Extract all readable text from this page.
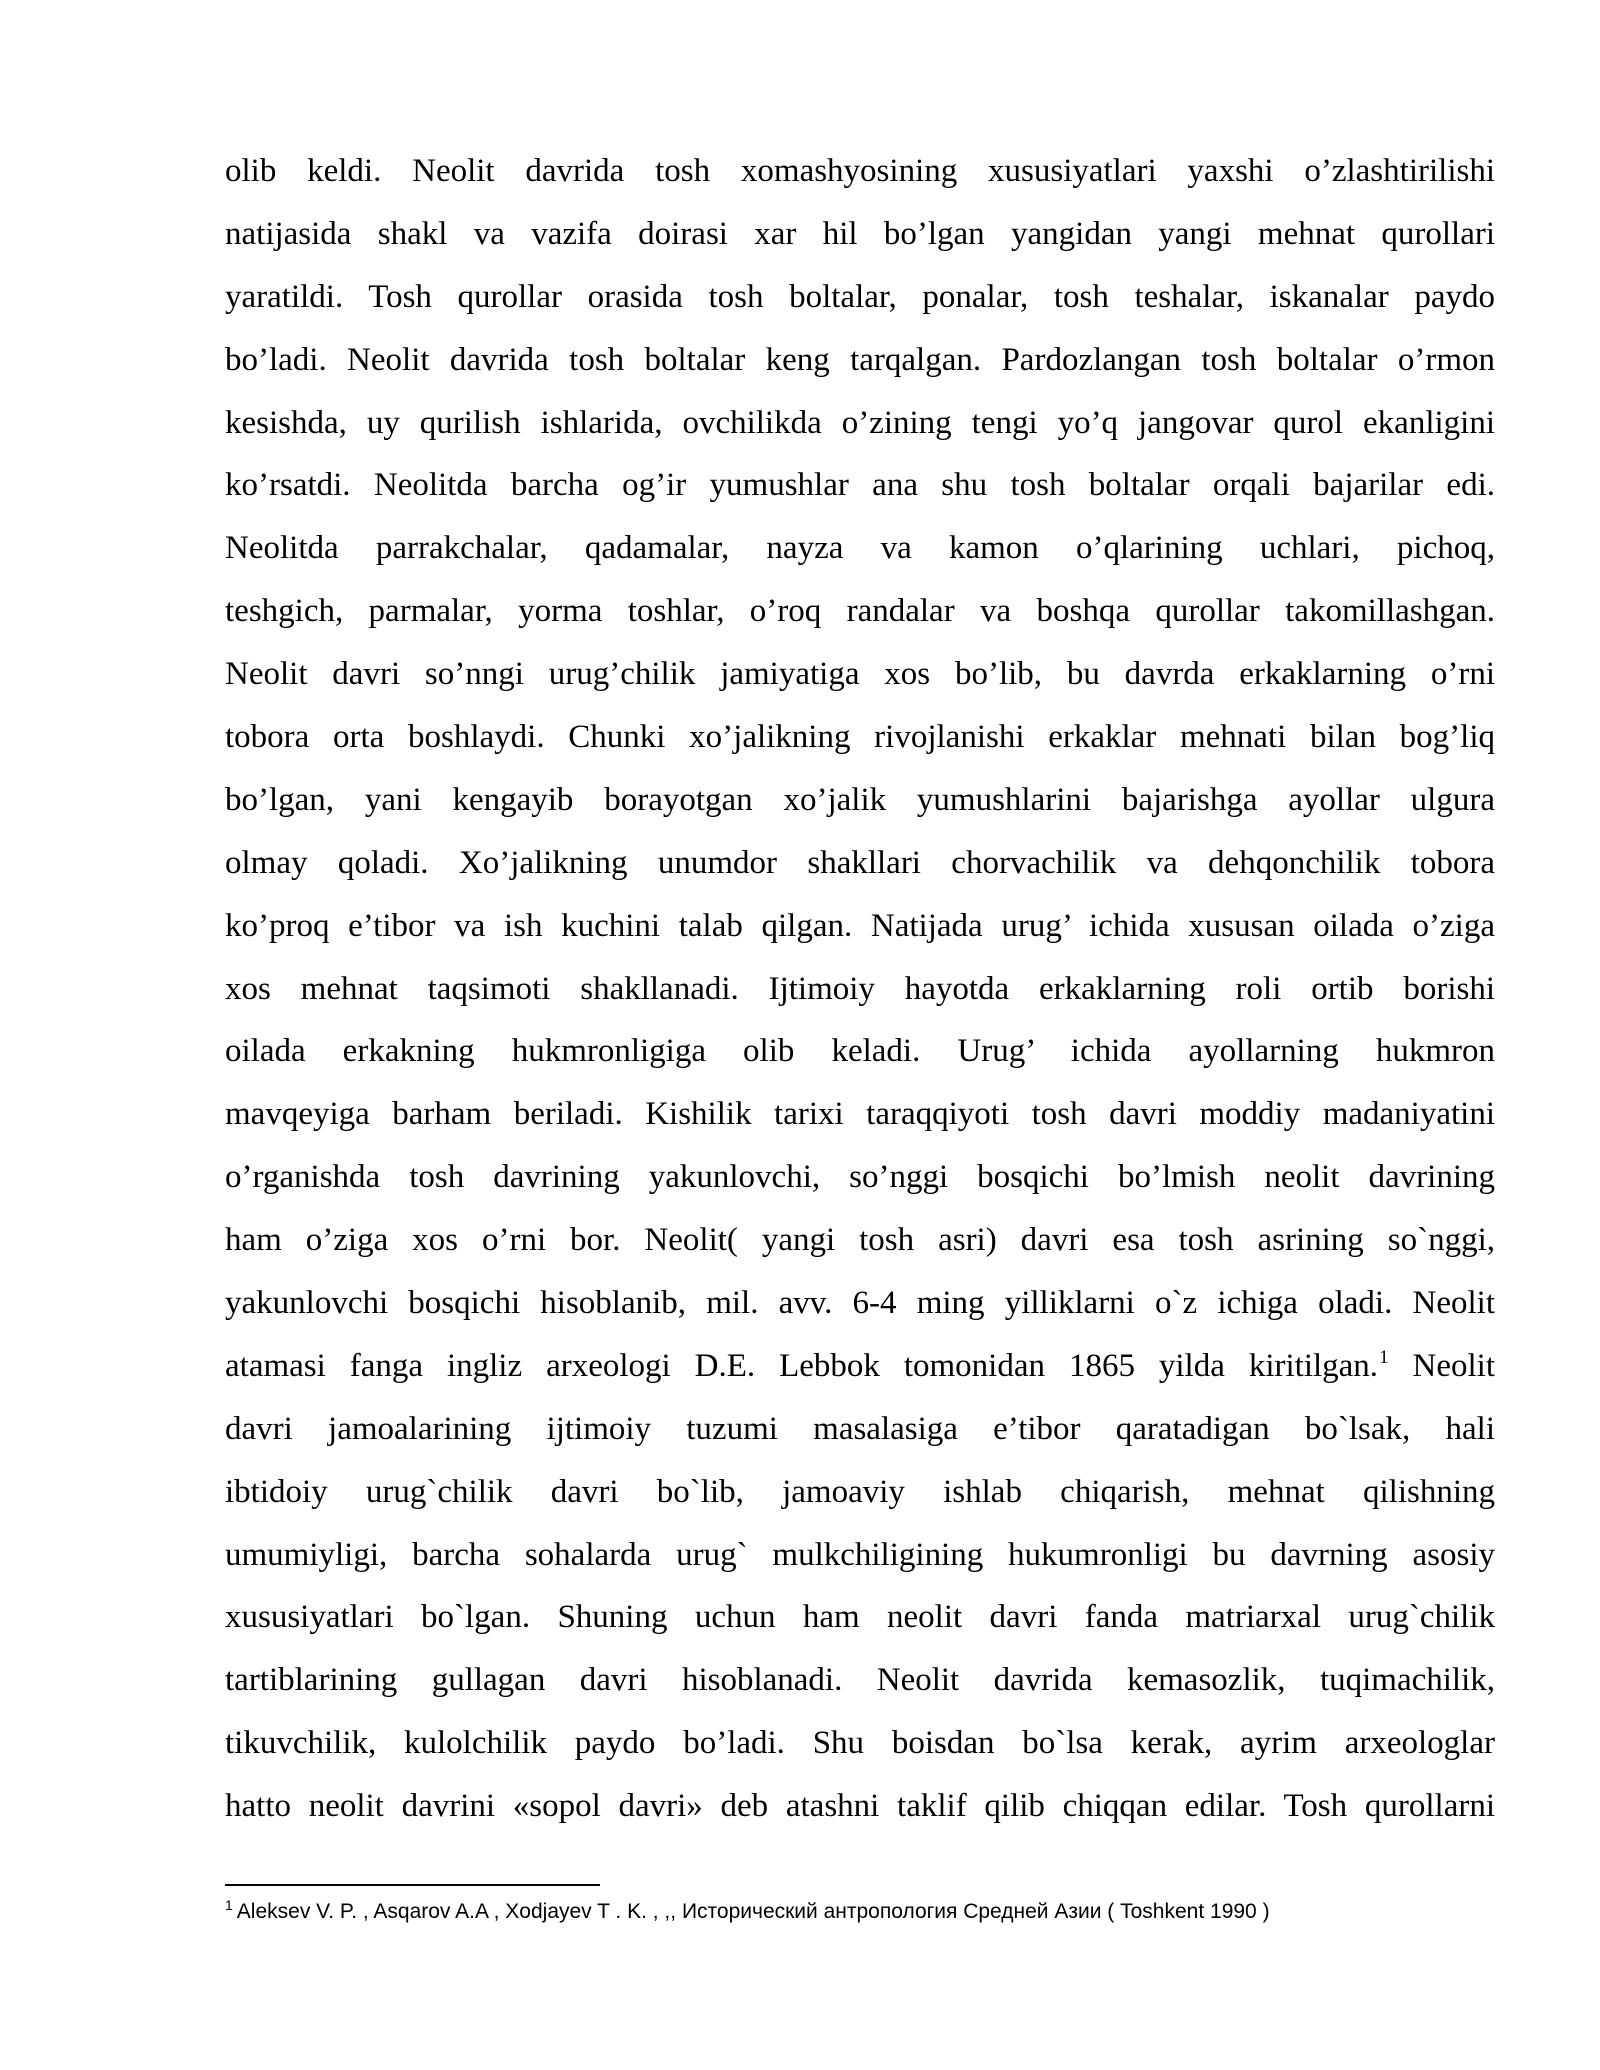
olib keldi. Neolit davrida tosh xomashyosining xususiyatlari yaxshi o’zlashtirilishi
natijasida shakl va vazifa doirasi xar hil bo’lgan yangidan yangi mehnat qurollari
yaratildi. Tosh qurollar orasida tosh boltalar, ponalar, tosh teshalar, iskanalar paydo
bo’ladi. Neolit davrida tosh boltalar keng tarqalgan. Pardozlangan tosh boltalar o’rmon
kesishda, uy qurilish ishlarida, ovchilikda o’zining tengi yo’q jangovar qurol ekanligini
ko’rsatdi. Neolitda barcha og’ir yumushlar ana shu tosh boltalar orqali bajarilar edi.
Neolitda parrakchalar, qadamalar, nayza va kamon o’qlarining uchlari, pichoq,
teshgich, parmalar, yorma toshlar, o’roq randalar va boshqa qurollar takomillashgan.
Neolit davri so’nngi urug’chilik jamiyatiga xos bo’lib, bu davrda erkaklarning o’rni
tobora orta boshlaydi. Chunki xo’jalikning rivojlanishi erkaklar mehnati bilan bog’liq
bo’lgan, yani kengayib borayotgan xo’jalik yumushlarini bajarishga ayollar ulgura
olmay qoladi. Xo’jalikning unumdor shakllari chorvachilik va dehqonchilik tobora
ko’proq e’tibor va ish kuchini talab qilgan. Natijada urug’ ichida xususan oilada o’ziga
xos mehnat taqsimoti shakllanadi. Ijtimoiy hayotda erkaklarning roli ortib borishi
oilada erkakning hukmronligiga olib keladi. Urug’ ichida ayollarning hukmron
mavqeyiga barham beriladi. Kishilik tarixi taraqqiyoti tosh davri moddiy madaniyatini
o’rganishda tosh davrining yakunlovchi, so’nggi bosqichi bo’lmish neolit davrining
ham o’ziga xos o’rni bor. Neolit( yangi tosh asri) davri esa tosh asrining so`nggi,
yakunlovchi bosqichi hisoblanib, mil. avv. 6-4 ming yilliklarni o`z ichiga oladi. Neolit
atamasi fanga ingliz arxeologi D.E. Lebbok tomonidan 1865 yilda kiritilgan.$^1$ Neolit
davri jamoalarining ijtimoiy tuzumi masalasiga e’tibor qaratadigan bo`lsak, hali
ibtidoiy urug`chilik davri bo`lib, jamoaviy ishlab chiqarish, mehnat qilishning
umumiyligi, barcha sohalarda urug` mulkchiligining hukumronligi bu davrning asosiy
xususiyatlari bo`lgan. Shuning uchun ham neolit davri fanda matriarxal urug`chilik
tartiblarining gullagan davri hisoblanadi. Neolit davrida kemasozlik, tuqimachilik,
tikuvchilik, kulolchilik paydo bo’ladi. Shu boisdan bo`lsa kerak, ayrim arxeologlar
hatto neolit davrini «sopol davri» deb atashni taklif qilib chiqqan edilar. Tosh qurollarni
$^1$ Aleksev V. P. , Asqarov A.A , Xodjayev T . K. , ,, Исторический антропология Средней Азии ( Toshkent 1990 )
